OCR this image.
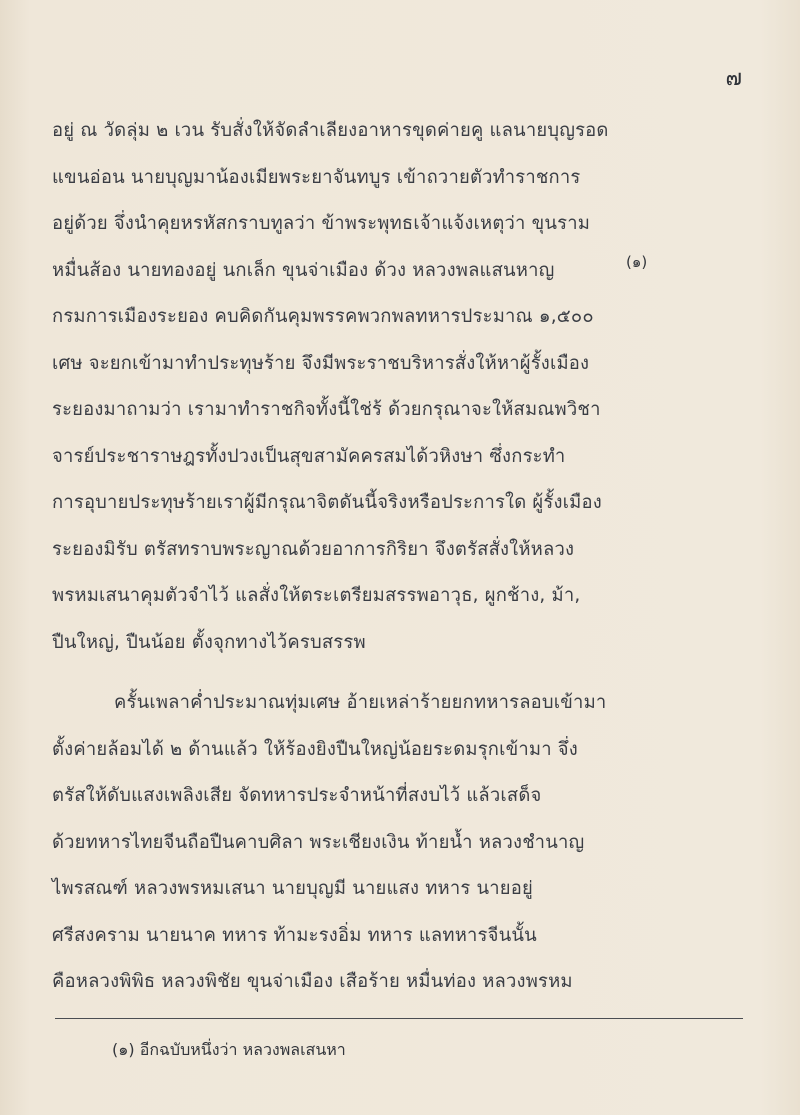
๗
(๑)
อยู่ ณ วัดลุ่ม ๒ เวน รับสั่งให้จัดลำเลียงอาหารขุดค่ายคู แลนายบุญรอด
แขนอ่อน นายบุญมาน้องเมียพระยาจันทบูร เข้าถวายตัวทำราชการ
อยู่ด้วย จึ่งนำคุยหรหัสกราบทูลว่า ข้าพระพุทธเจ้าแจ้งเหตุว่า ขุนราม
หมื่นส้อง นายทองอยู่ นกเล็ก ขุนจ่าเมือง ด้วง หลวงพลแสนหาญ
กรมการเมืองระยอง คบคิดกันคุมพรรคพวกพลทหารประมาณ ๑,๕๐๐
เศษ จะยกเข้ามาทำประทุษร้าย จึงมีพระราชบริหารสั่งให้หาผู้รั้งเมือง
ระยองมาถามว่า เรามาทำราชกิจทั้งนี้ใช่ร้ ด้วยกรุณาจะให้สมณพวิชา
จารย์ประชาราษฎรทั้งปวงเป็นสุขสามัคครสมได้วหิงษา ซึ่งกระทำ
การอุบายประทุษร้ายเราผู้มีกรุณาจิตดันนี้จริงหรือประการใด ผู้รั้งเมือง
ระยองมิรับ ตรัสทราบพระญาณด้วยอาการกิริยา จึงตรัสสั่งให้หลวง
พรหมเสนาคุมตัวจำไว้ แลสั่งให้ตระเตรียมสรรพอาวุธ, ผูกช้าง, ม้า,
ปืนใหญ่, ปืนน้อย ตั้งจุกทางไว้ครบสรรพ
ครั้นเพลาค่ำประมาณทุ่มเศษ อ้ายเหล่าร้ายยกทหารลอบเข้ามา
ตั้งค่ายล้อมได้ ๒ ด้านแล้ว ให้ร้องยิงปืนใหญ่น้อยระดมรุกเข้ามา จึ่ง
ตรัสให้ดับแสงเพลิงเสีย จัดทหารประจำหน้าที่สงบไว้ แล้วเสด็จ
ด้วยทหารไทยจีนถือปืนคาบศิลา พระเชียงเงิน ท้ายน้ำ หลวงชำนาญ
ไพรสณฑ์ หลวงพรหมเสนา นายบุญมี นายแสง ทหาร นายอยู่
ศรีสงคราม นายนาค ทหาร ท้ามะรงอิ่ม ทหาร แลทหารจีนนั้น
คือหลวงพิพิธ หลวงพิชัย ขุนจ่าเมือง เสือร้าย หมื่นท่อง หลวงพรหม
(๑) อีกฉบับหนึ่งว่า หลวงพลเสนหา
